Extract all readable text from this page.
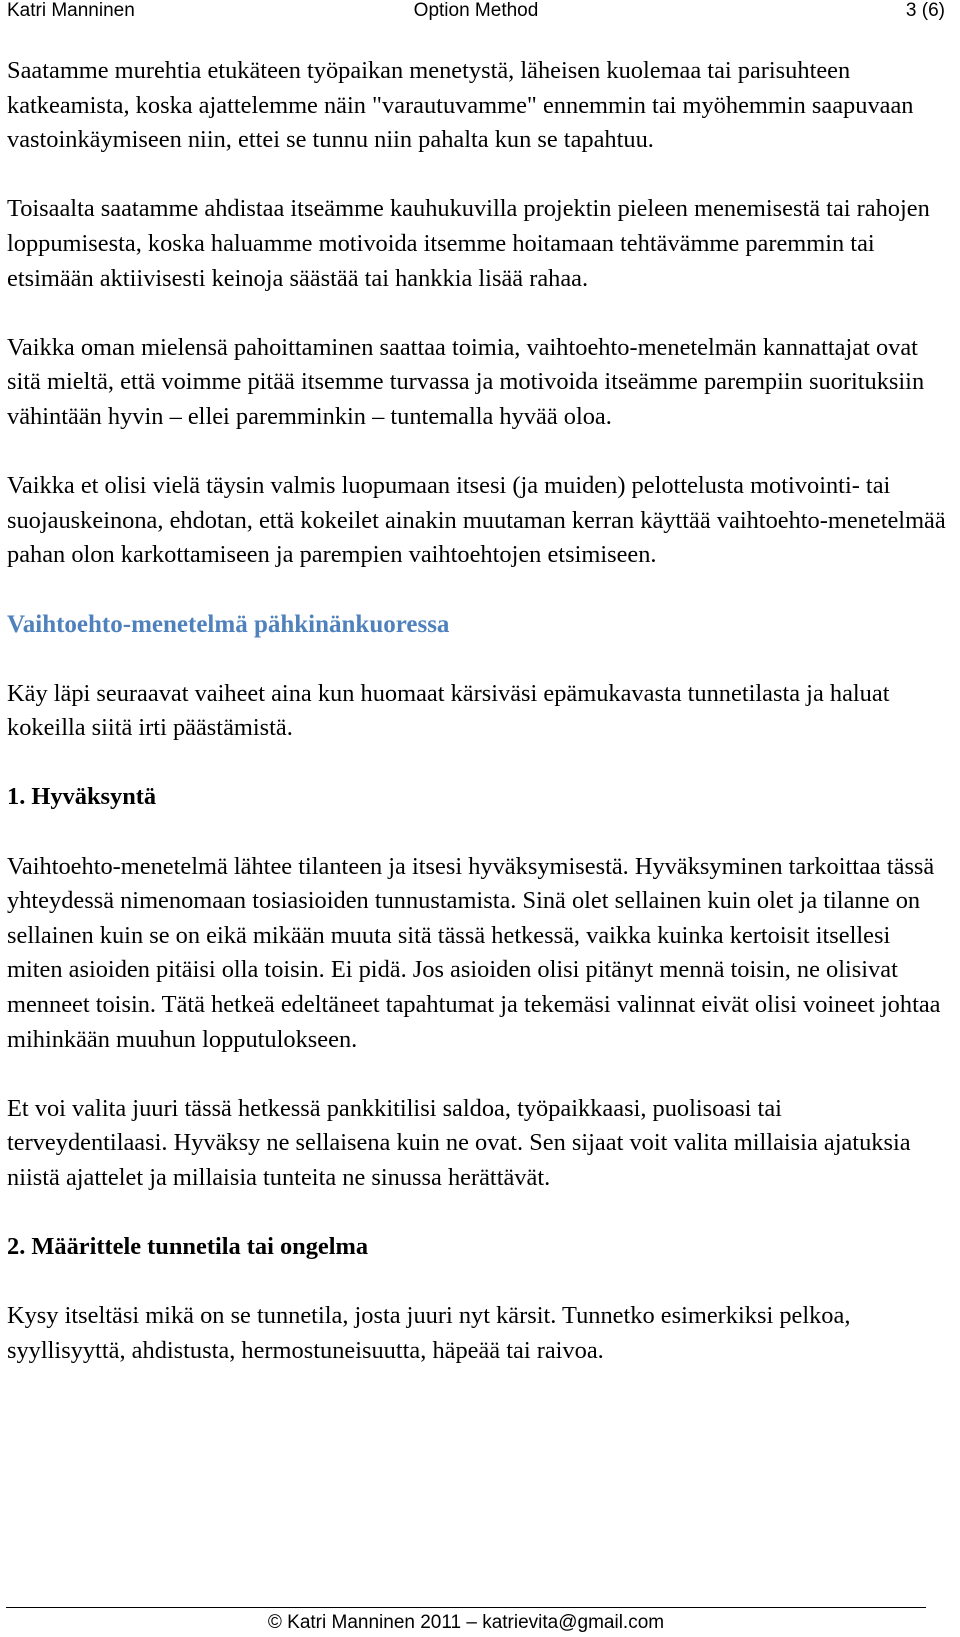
Option Method
Katri Manninen	3 (6)

Saatamme murehtia etukäteen työpaikan menetystä, läheisen kuolemaa tai parisuhteen katkeamista, koska ajattelemme näin "varautuvamme" ennemmin tai myöhemmin saapuvaan vastoinkäymiseen niin, ettei se tunnu niin pahalta kun se tapahtuu.

Toisaalta saatamme ahdistaa itseämme kauhukuvilla projektin pieleen menemisestä tai rahojen loppumisesta, koska haluamme motivoida itsemme hoitamaan tehtävämme paremmin tai etsimään aktiivisesti keinoja säästää tai hankkia lisää rahaa.

Vaikka oman mielensä pahoittaminen saattaa toimia, vaihtoehto-menetelmän kannattajat ovat sitä mieltä, että voimme pitää itsemme turvassa ja motivoida itseämme parempiin suorituksiin vähintään hyvin – ellei paremminkin – tuntemalla hyvää oloa.

Vaikka et olisi vielä täysin valmis luopumaan itsesi (ja muiden) pelottelusta motivointi- tai suojauskeinona, ehdotan, että kokeilet ainakin muutaman kerran käyttää vaihtoehto-menetelmää pahan olon karkottamiseen ja parempien vaihtoehtojen etsimiseen.

Vaihtoehto-menetelmä pähkinänkuoressa

Käy läpi seuraavat vaiheet aina kun huomaat kärsiväsi epämukavasta tunnetilasta ja haluat kokeilla siitä irti päästämistä.

1. Hyväksyntä

Vaihtoehto-menetelmä lähtee tilanteen ja itsesi hyväksymisestä. Hyväksyminen tarkoittaa tässä yhteydessä nimenomaan tosiasioiden tunnustamista. Sinä olet sellainen kuin olet ja tilanne on sellainen kuin se on eikä mikään muuta sitä tässä hetkessä, vaikka kuinka kertoisit itsellesi miten asioiden pitäisi olla toisin. Ei pidä. Jos asioiden olisi pitänyt mennä toisin, ne olisivat menneet toisin. Tätä hetkeä edeltäneet tapahtumat ja tekemäsi valinnat eivät olisi voineet johtaa mihinkään muuhun lopputulokseen.

Et voi valita juuri tässä hetkessä pankkitilisi saldoa, työpaikkaasi, puolisoasi tai terveydentilaasi. Hyväksy ne sellaisena kuin ne ovat. Sen sijaat voit valita millaisia ajatuksia niistä ajattelet ja millaisia tunteita ne sinussa herättävät.

2. Määrittele tunnetila tai ongelma

Kysy itseltäsi mikä on se tunnetila, josta juuri nyt kärsit. Tunnetko esimerkiksi pelkoa, syyllisyyttä, ahdistusta, hermostuneisuutta, häpeää tai raivoa.

© Katri Manninen 2011 – katrievita@gmail.com
